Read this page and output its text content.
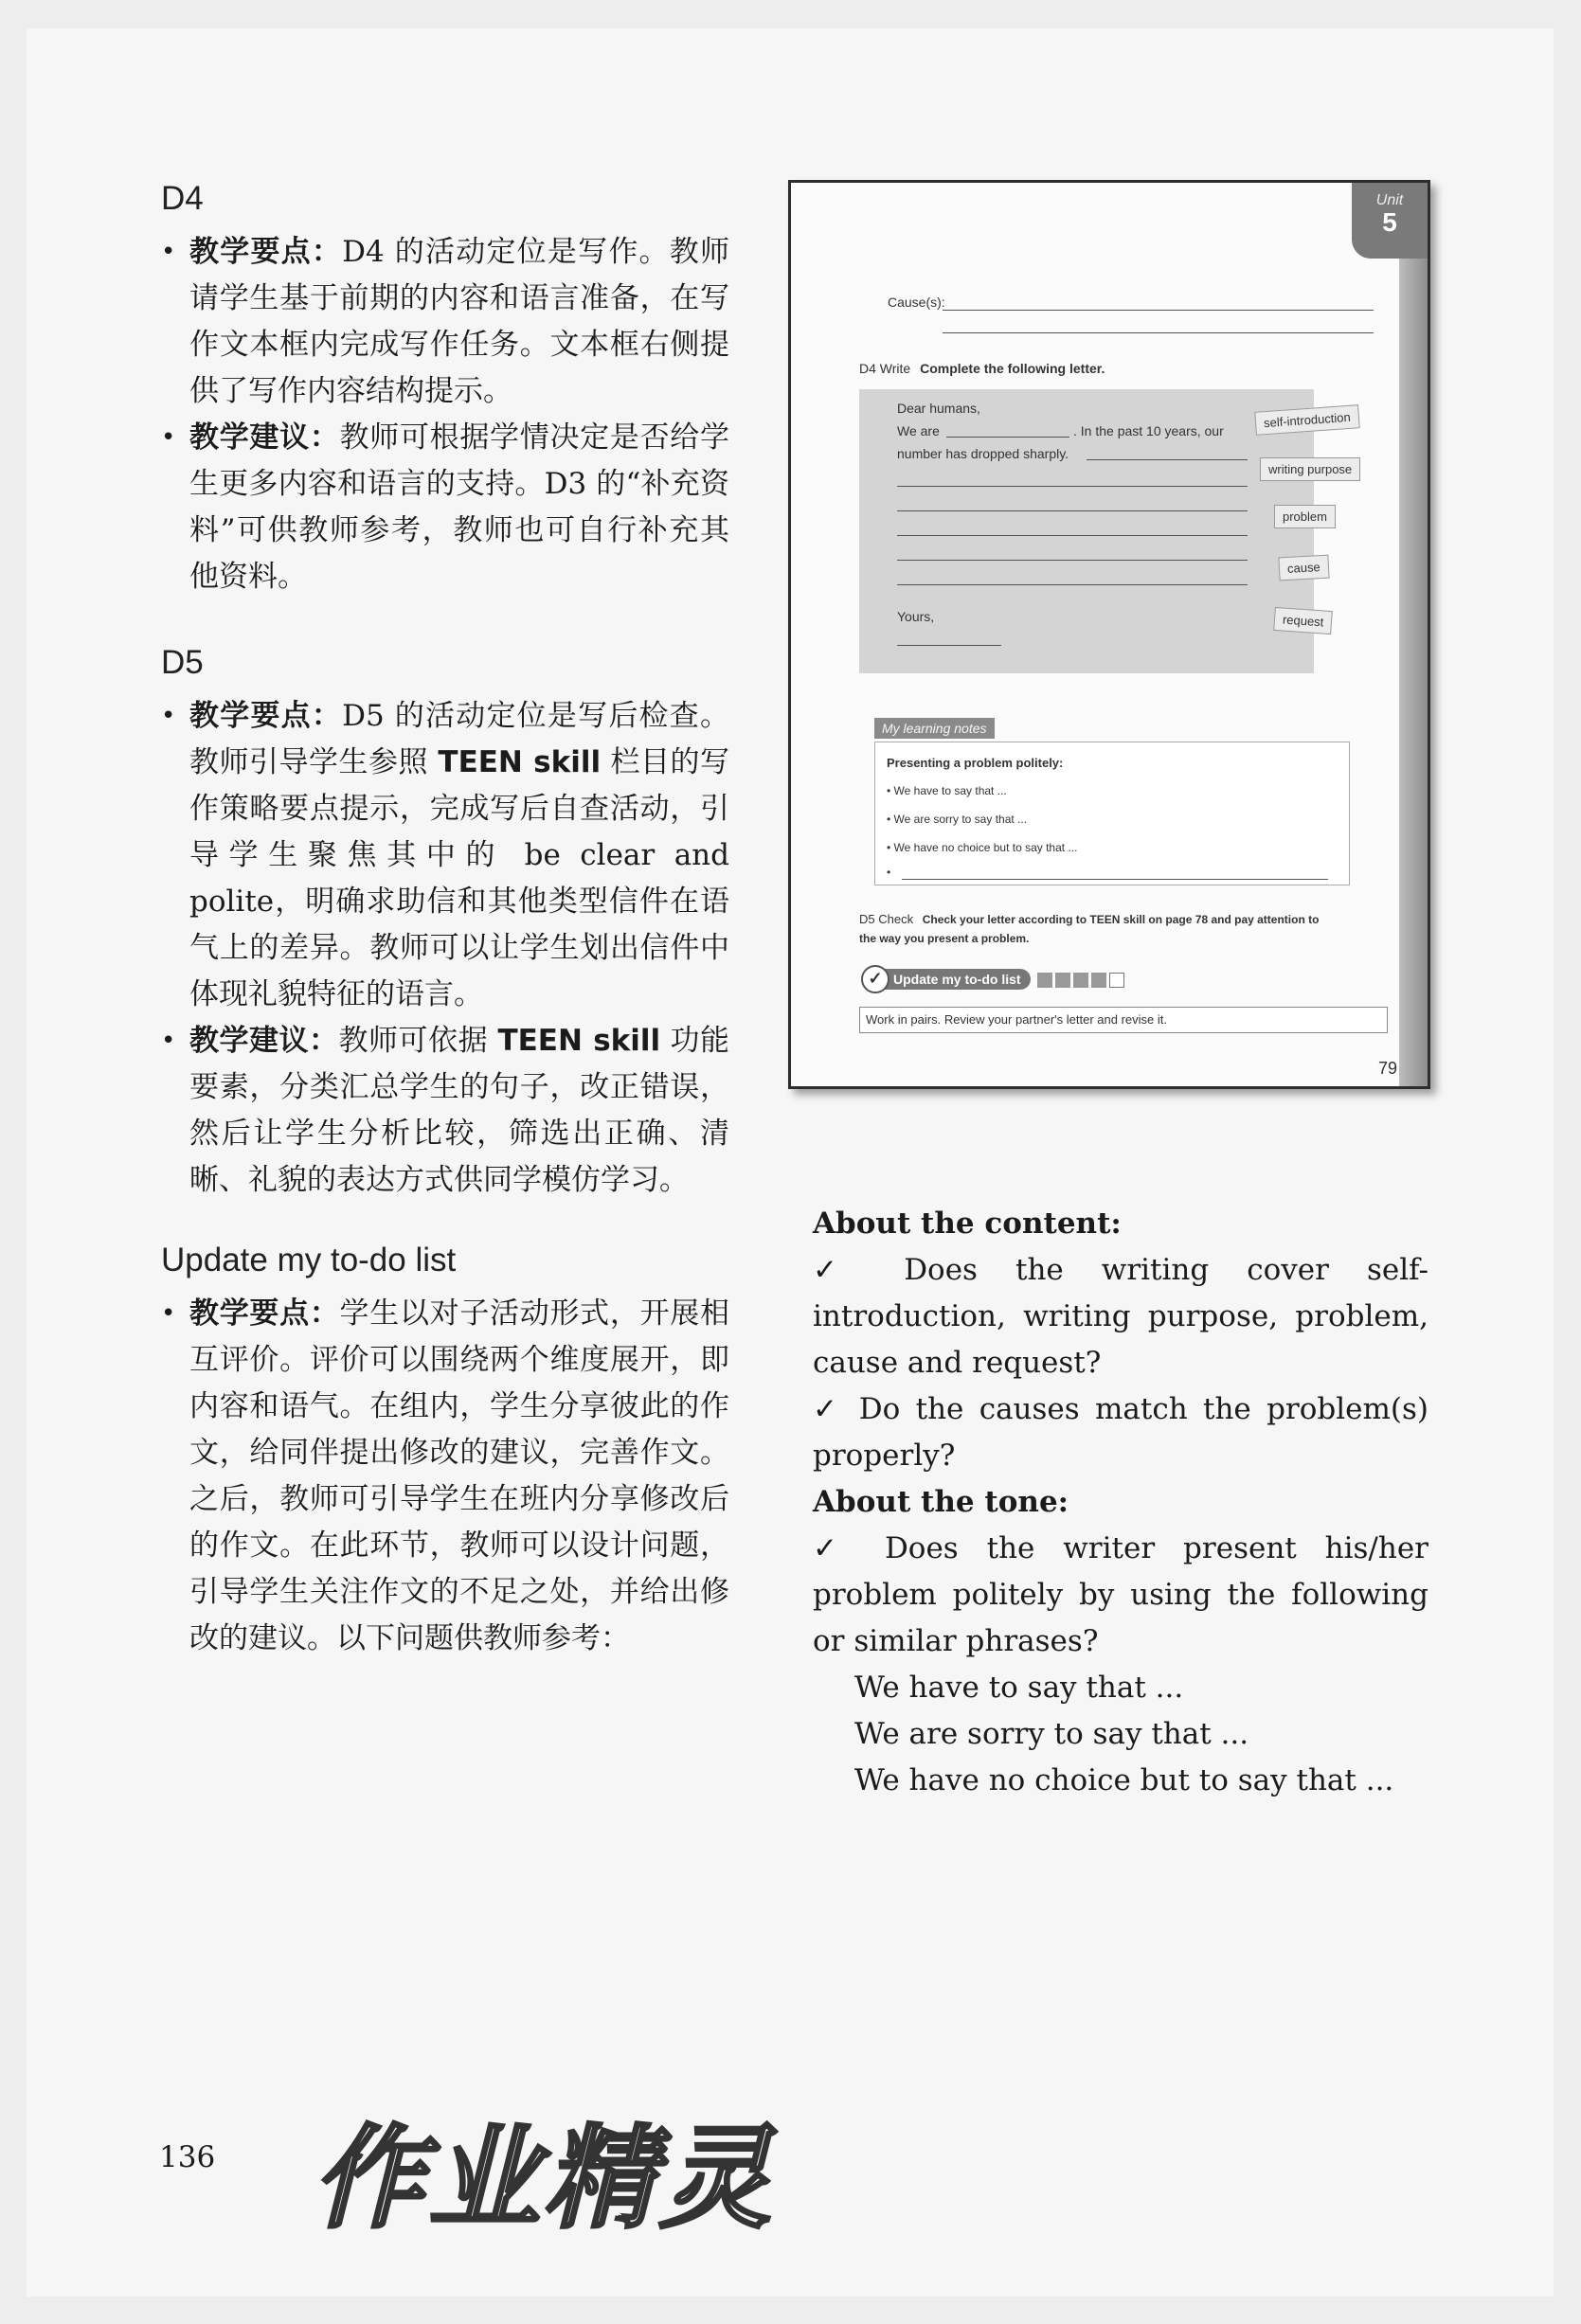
D4
• 教学要点：D4 的活动定位是写作。教师请学生基于前期的内容和语言准备，在写作文本框内完成写作任务。文本框右侧提供了写作内容结构提示。
• 教学建议：教师可根据学情决定是否给学生更多内容和语言的支持。D3 的“补充资料”可供教师参考，教师也可自行补充其他资料。
D5
• 教学要点：D5 的活动定位是写后检查。教师引导学生参照 TEEN skill 栏目的写作策略要点提示，完成写后自查活动，引导学生聚焦其中的 be clear and polite，明确求助信和其他类型信件在语气上的差异。教师可以让学生划出信件中体现礼貌特征的语言。
• 教学建议：教师可依据 TEEN skill 功能要素，分类汇总学生的句子，改正错误，然后让学生分析比较，筛选出正确、清晰、礼貌的表达方式供同学模仿学习。
Update my to-do list
• 教学要点：学生以对子活动形式，开展相互评价。评价可以围绕两个维度展开，即内容和语气。在组内，学生分享彼此的作文，给同伴提出修改的建议，完善作文。之后，教师可引导学生在班内分享修改后的作文。在此环节，教师可以设计问题，引导学生关注作文的不足之处，并给出修改的建议。以下问题供教师参考：
Unit
5
Cause(s):
D4 Write Complete the following letter.
Dear humans,
We are	. In the past 10 years, our
number has dropped sharply.
Yours,
self-introduction
writing purpose
problem
cause
request
My learning notes
Presenting a problem politely:
• We have to say that ...
• We are sorry to say that ...
• We have no choice but to say that ...
•
D5 Check Check your letter according to TEEN skill on page 78 and pay attention to the way you present a problem.
✓ Update my to-do list
Work in pairs. Review your partner's letter and revise it.
79
About the content:
✓ Does the writing cover self-introduction, writing purpose, problem, cause and request?
✓ Do the causes match the problem(s) properly?
About the tone:
✓ Does the writer present his/her problem politely by using the following or similar phrases?
We have to say that ...
We are sorry to say that ...
We have no choice but to say that ...
136 作业精灵
